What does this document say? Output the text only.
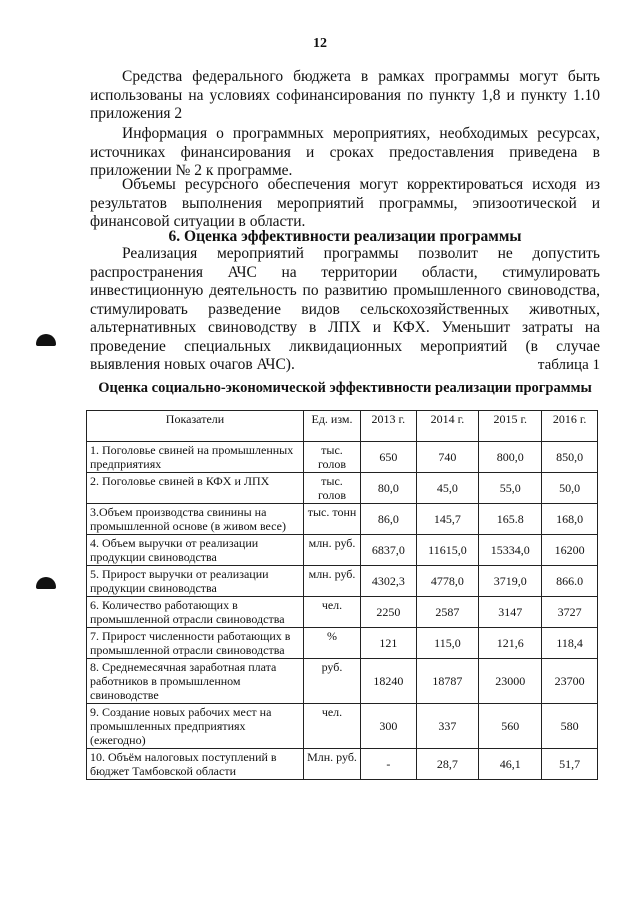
12

Средства федерального бюджета в рамках программы могут быть использованы на условиях софинансирования по пункту 1,8 и пункту 1.10 приложения 2

Информация о программных мероприятиях, необходимых ресурсах, источниках финансирования и сроках предоставления приведена в приложении № 2 к программе.

Объемы ресурсного обеспечения могут корректироваться исходя из результатов выполнения мероприятий программы, эпизоотической и финансовой ситуации в области.

6. Оценка эффективности реализации программы

Реализация мероприятий программы позволит не допустить распространения АЧС на территории области, стимулировать инвестиционную деятельность по развитию промышленного свиноводства, стимулировать разведение видов сельскохозяйственных животных, альтернативных свиноводству в ЛПХ и КФХ. Уменьшит затраты на проведение специальных ликвидационных мероприятий (в случае выявления новых очагов АЧС).	таблица 1
Оценка социально-экономической эффективности реализации программы
Показатели	Ед. изм.	2013 г.	2014 г.	2015 г.	2016 г.
1. Поголовье свиней на промышленных предприятиях	тыс. голов	650	740	800,0	850,0
2. Поголовье свиней в КФХ и ЛПХ	тыс. голов	80,0	45,0	55,0	50,0
3.Объем производства свинины на промышленной основе (в живом весе)	тыс. тонн	86,0	145,7	165.8	168,0
4. Объем выручки от реализации продукции свиноводства	млн. руб.	6837,0	11615,0	15334,0	16200
5. Прирост выручки от реализации продукции свиноводства	млн. руб.	4302,3	4778,0	3719,0	866.0
6. Количество работающих в промышленной отрасли свиноводства	чел.	2250	2587	3147	3727
7. Прирост численности работающих в промышленной отрасли свиноводства	%	121	115,0	121,6	118,4
8. Среднемесячная заработная плата работников в промышленном свиноводстве	руб.	18240	18787	23000	23700
9. Создание новых рабочих мест на промышленных предприятиях (ежегодно)	чел.	300	337	560	580
10. Объём налоговых поступлений в бюджет Тамбовской области	Млн. руб.	-	28,7	46,1	51,7
